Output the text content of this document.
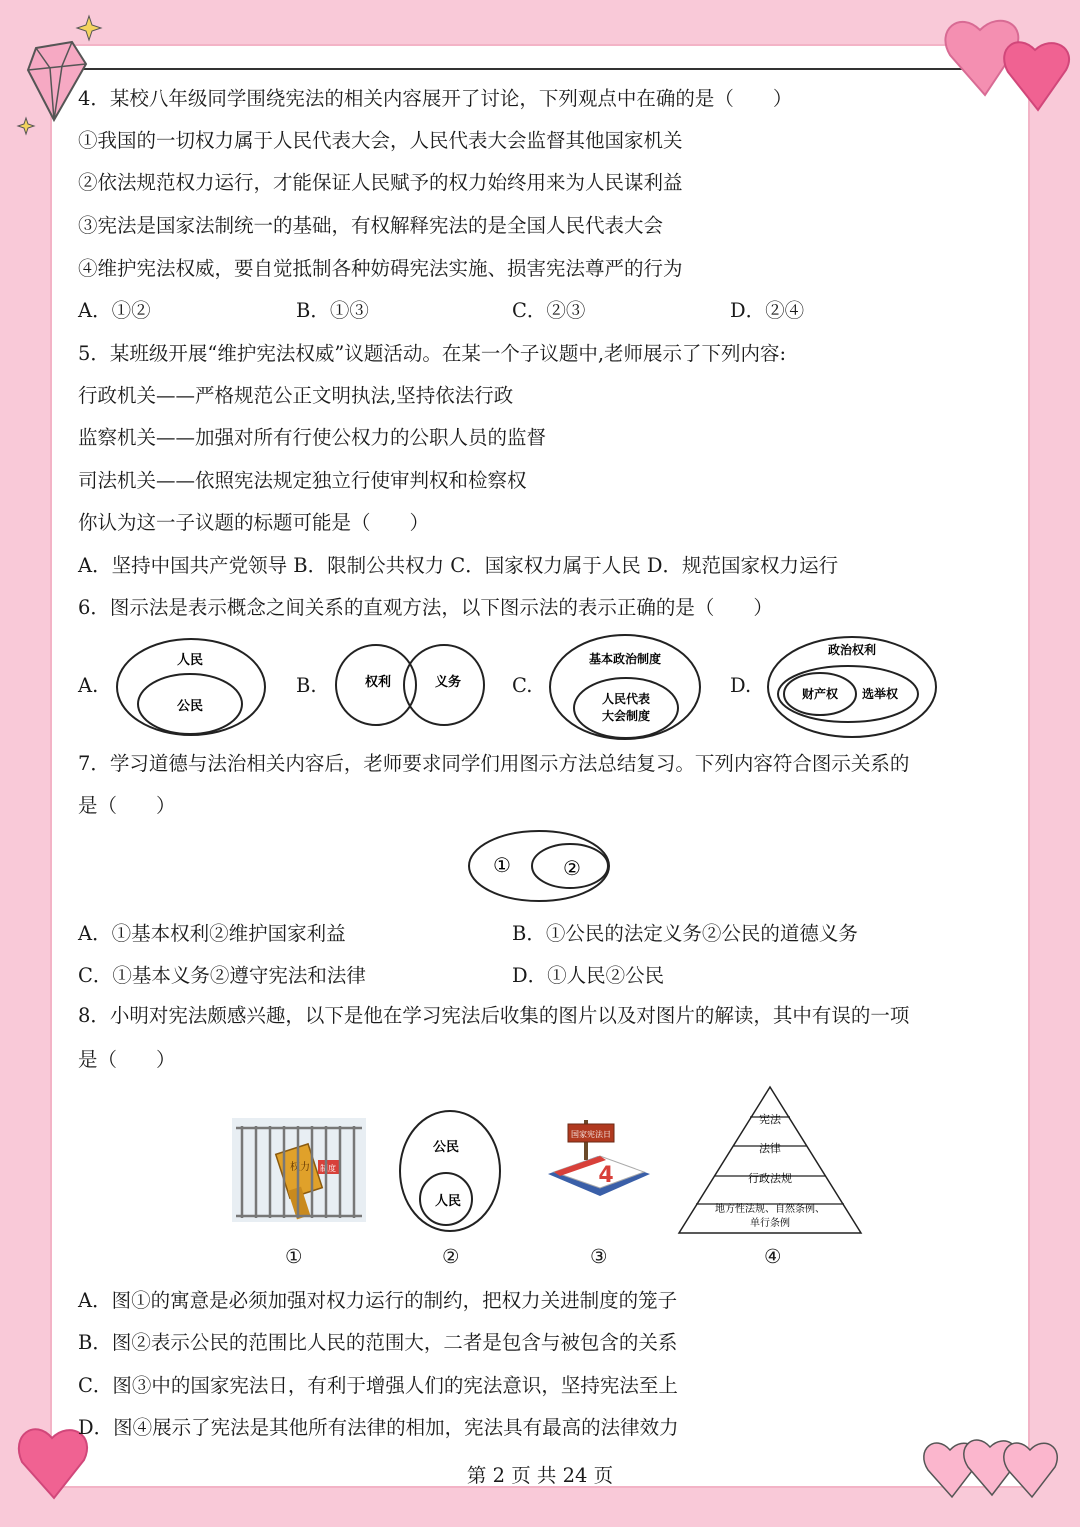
4．某校八年级同学围绕宪法的相关内容展开了讨论，下列观点中在确的是（　　）
①我国的一切权力属于人民代表大会，人民代表大会监督其他国家机关
②依法规范权力运行，才能保证人民赋予的权力始终用来为人民谋利益
③宪法是国家法制统一的基础，有权解释宪法的是全国人民代表大会
④维护宪法权威，要自觉抵制各种妨碍宪法实施、损害宪法尊严的行为
A．①②	B．①③	C．②③	D．②④
5．某班级开展“维护宪法权威”议题活动。在某一个子议题中,老师展示了下列内容:
行政机关——严格规范公正文明执法,坚持依法行政
监察机关——加强对所有行使公权力的公职人员的监督
司法机关——依照宪法规定独立行使审判权和检察权
你认为这一子议题的标题可能是（　　）
A．坚持中国共产党领导 B．限制公共权力 C．国家权力属于人民 D．规范国家权力运行
6．图示法是表示概念之间关系的直观方法，以下图示法的表示正确的是（　　）
A.	B.	C.	D.
人民
公民
权利	义务
基本政治制度
人民代表
大会制度
政治权利
财产权 选举权
7．学习道德与法治相关内容后，老师要求同学们用图示方法总结复习。下列内容符合图示关系的
是（　　）
①	②
A．①基本权利②维护国家利益	B．①公民的法定义务②公民的道德义务
C．①基本义务②遵守宪法和法律	D．①人民②公民
8．小明对宪法颇感兴趣，以下是他在学习宪法后收集的图片以及对图片的解读，其中有误的一项
是（　　）
权力 制度
公民
人民
国家宪法日
4
宪法
法律
行政法规
地方性法规、自然条例、
单行条例
①	②	③	④
A．图①的寓意是必须加强对权力运行的制约，把权力关进制度的笼子
B．图②表示公民的范围比人民的范围大，二者是包含与被包含的关系
C．图③中的国家宪法日，有利于增强人们的宪法意识，坚持宪法至上
D．图④展示了宪法是其他所有法律的相加，宪法具有最高的法律效力
第 2 页 共 24 页
